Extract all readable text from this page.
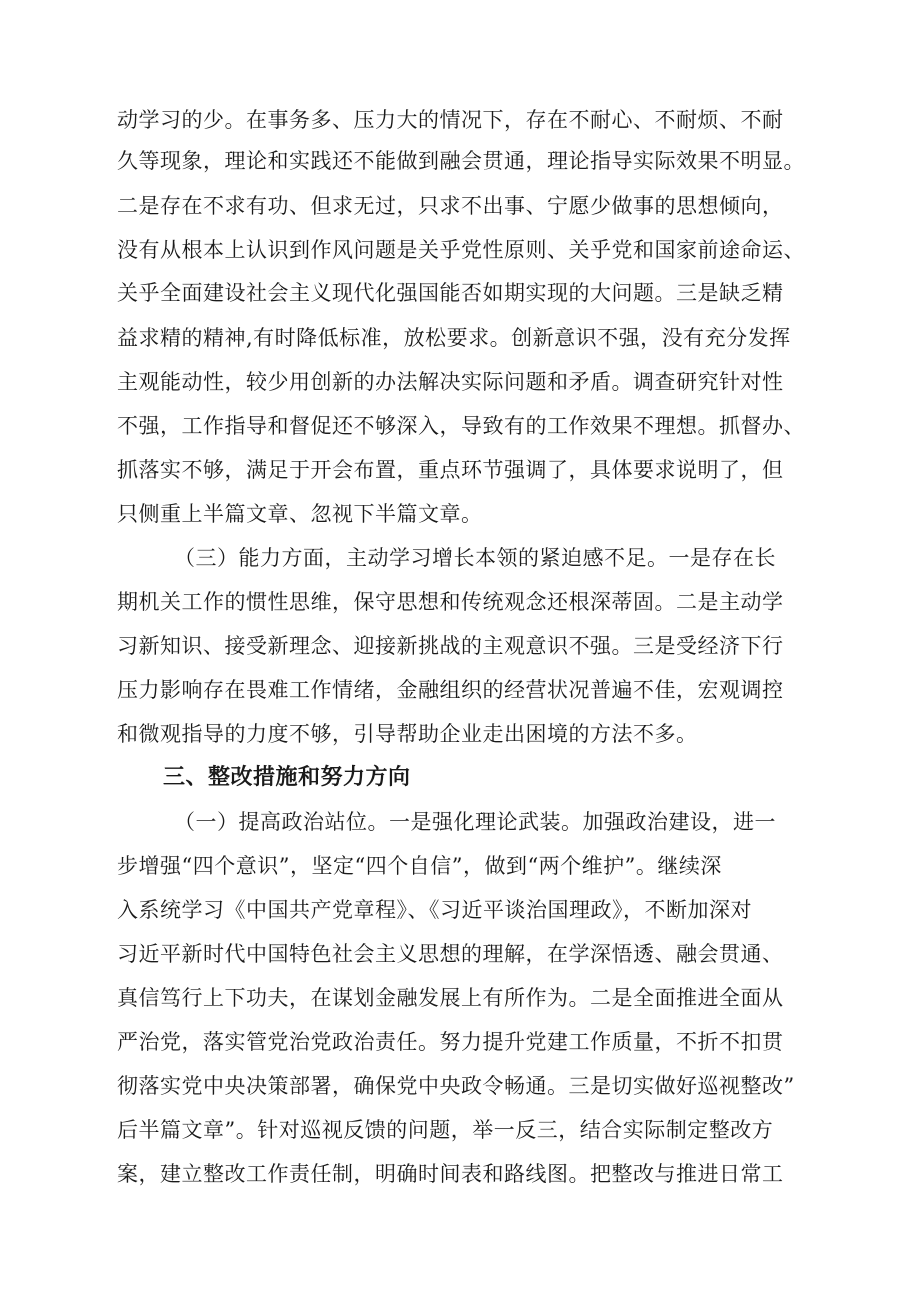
动学习的少。在事务多、压力大的情况下，存在不耐心、不耐烦、不耐
久等现象，理论和实践还不能做到融会贯通，理论指导实际效果不明显。
二是存在不求有功、但求无过，只求不出事、宁愿少做事的思想倾向，
没有从根本上认识到作风问题是关乎党性原则、关乎党和国家前途命运、
关乎全面建设社会主义现代化强国能否如期实现的大问题。三是缺乏精
益求精的精神,有时降低标准，放松要求。创新意识不强，没有充分发挥
主观能动性，较少用创新的办法解决实际问题和矛盾。调查研究针对性
不强，工作指导和督促还不够深入，导致有的工作效果不理想。抓督办、
抓落实不够，满足于开会布置，重点环节强调了，具体要求说明了，但
只侧重上半篇文章、忽视下半篇文章。
（三）能力方面，主动学习增长本领的紧迫感不足。一是存在长
期机关工作的惯性思维，保守思想和传统观念还根深蒂固。二是主动学
习新知识、接受新理念、迎接新挑战的主观意识不强。三是受经济下行
压力影响存在畏难工作情绪，金融组织的经营状况普遍不佳，宏观调控
和微观指导的力度不够，引导帮助企业走出困境的方法不多。
三、整改措施和努力方向
（一）提高政治站位。一是强化理论武装。加强政治建设，进一
步增强“四个意识”，坚定“四个自信”，做到“两个维护”。继续深
入系统学习《中国共产党章程》、《习近平谈治国理政》，不断加深对
习近平新时代中国特色社会主义思想的理解，在学深悟透、融会贯通、
真信笃行上下功夫，在谋划金融发展上有所作为。二是全面推进全面从
严治党，落实管党治党政治责任。努力提升党建工作质量，不折不扣贯
彻落实党中央决策部署，确保党中央政令畅通。三是切实做好巡视整改”
后半篇文章”。针对巡视反馈的问题，举一反三，结合实际制定整改方
案，建立整改工作责任制，明确时间表和路线图。把整改与推进日常工
